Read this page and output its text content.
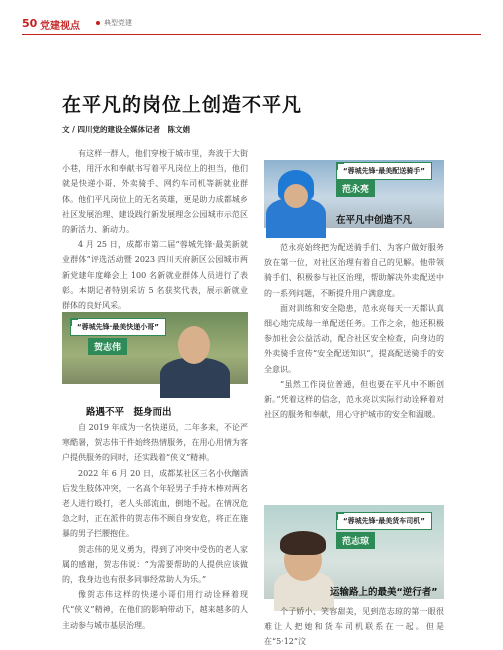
50 党建视点	典型党建
在平凡的岗位上创造不平凡
文 / 四川党的建设全媒体记者　陈文娟

有这样一群人，他们穿梭于城市里，奔波于大街小巷，用汗水和奉献书写着平凡岗位上的担当，他们就是快递小哥、外卖骑手、网约车司机等新就业群体。他们平凡岗位上的无名英雄，更是助力成都城乡社区发展治理、建设践行新发展理念公园城市示范区的新活力、新动力。

4 月 25 日，成都市第二届“蓉城先锋·最美新就业群体”评选活动暨 2023 四川天府新区公园城市两新党建年度峰会上 100 名新就业群体人员进行了表彰。本期记者特别采访 5 名获奖代表，展示新就业群体的良好风采。

“蓉城先锋·最美快递小哥”
贺志伟
路遇不平　挺身而出

自 2019 年成为一名快递员，二年多来，不论严寒酷暑，贺志伟干件始终热情服务，在用心用情为客户提供服务的同时，还实践着“侠义”精神。

2022 年 6 月 20 日，成都某社区三名小伙酗酒后发生肢体冲突，一名高个年轻男子手持木棒对两名老人进行殴打，老人头部流血，倒地不起。在情况危急之时，正在派件的贺志伟不顾自身安危，将正在施暴的男子拦腰抱住。

贺志伟的见义勇为，得到了冲突中受伤的老人家属的感谢，贺志伟说：“为需要帮助的人提供应该做的，我身边也有很多同事经常助人为乐。”

像贺志伟这样的快递小哥们用行动诠释着现代“侠义”精神，在他们的影响带动下，越来越多的人主动参与城市基层治理。

“蓉城先锋·最美配送骑手”
范永亮
在平凡中创造不凡

范永亮始终把为配送骑手们、为客户做好服务放在第一位，对社区治理有着自己的见解。他带领骑手们、积极参与社区治理，帮助解决外卖配送中的一系列问题，不断提升用户满意度。

面对训练和安全隐患，范永亮每天一天都认真细心地完成每一单配送任务。工作之余，他还积极参加社会公益活动，配合社区安全检查，向身边的外卖骑手宣传“安全配送知识”，提高配送骑手的安全意识。

“虽然工作岗位普通，但也要在平凡中不断创新。”凭着这样的信念，范永亮以实际行动诠释着对社区的服务和奉献，用心守护城市的安全和温暖。

“蓉城先锋·最美货车司机”
范志琼
运输路上的最美“逆行者”

个子娇小、笑容甜美，见到范志琼的第一眼很难让人把她和货车司机联系在一起。但是在“5·12”汶
